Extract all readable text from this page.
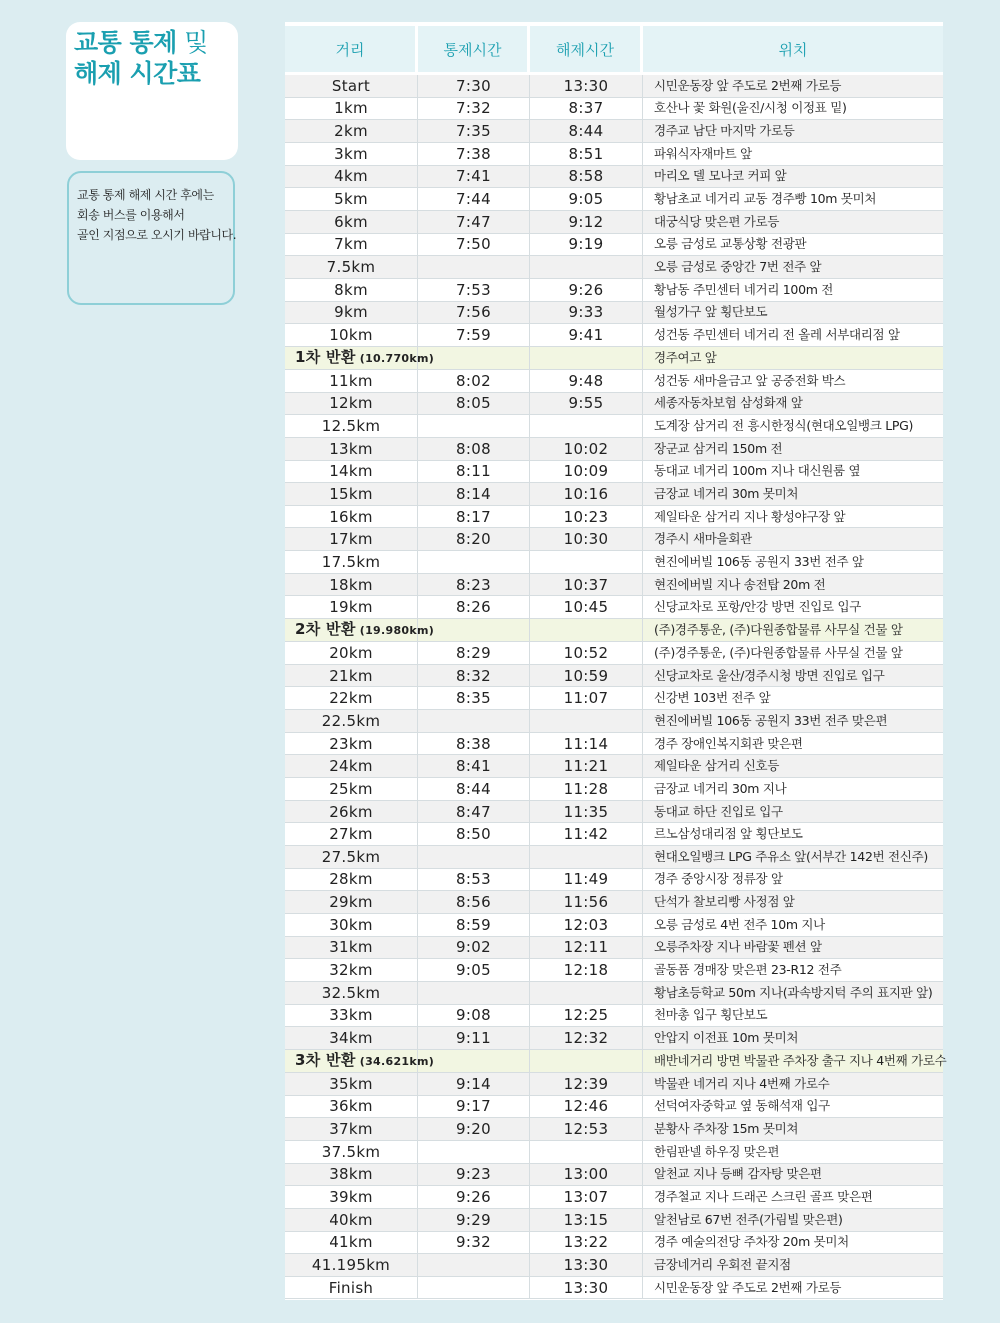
교통 통제 및
해제 시간표
교통 통제 해제 시간 후에는
회송 버스를 이용해서
골인 지점으로 오시기 바랍니다.
거리	통제시간	해제시간	위치
Start	7:30	13:30	시민운동장 앞 주도로 2번째 가로등
1km	7:32	8:37	호산나 꽃 화원(울진/시청 이정표 밑)
2km	7:35	8:44	경주교 남단 마지막 가로등
3km	7:38	8:51	파워식자재마트 앞
4km	7:41	8:58	마리오 델 모나코 커피 앞
5km	7:44	9:05	황남초교 네거리 교동 경주빵 10m 못미처
6km	7:47	9:12	대궁식당 맞은편 가로등
7km	7:50	9:19	오릉 금성로 교통상황 전광판
7.5km			오릉 금성로 중앙간 7번 전주 앞
8km	7:53	9:26	황남동 주민센터 네거리 100m 전
9km	7:56	9:33	월성가구 앞 횡단보도
10km	7:59	9:41	성건동 주민센터 네거리 전 올레 서부대리점 앞
1차 반환 (10.770km)			경주여고 앞
11km	8:02	9:48	성건동 새마을금고 앞 공중전화 박스
12km	8:05	9:55	세종자동차보험 삼성화재 앞
12.5km			도계장 삼거리 전 흥시한정식(현대오일뱅크 LPG)
13km	8:08	10:02	장군교 삼거리 150m 전
14km	8:11	10:09	동대교 네거리 100m 지나 대신원룸 옆
15km	8:14	10:16	금장교 네거리 30m 못미처
16km	8:17	10:23	제일타운 삼거리 지나 황성야구장 앞
17km	8:20	10:30	경주시 새마을회관
17.5km			현진에버빌 106동 공원지 33번 전주 앞
18km	8:23	10:37	현진에버빌 지나 송전탑 20m 전
19km	8:26	10:45	신당교차로 포항/안강 방면 진입로 입구
2차 반환 (19.980km)			(주)경주통운, (주)다원종합물류 사무실 건물 앞
20km	8:29	10:52	(주)경주통운, (주)다원종합물류 사무실 건물 앞
21km	8:32	10:59	신당교차로 울산/경주시청 방면 진입로 입구
22km	8:35	11:07	신강변 103번 전주 앞
22.5km			현진에버빌 106동 공원지 33번 전주 맞은편
23km	8:38	11:14	경주 장애인복지회관 맞은편
24km	8:41	11:21	제일타운 삼거리 신호등
25km	8:44	11:28	금장교 네거리 30m 지나
26km	8:47	11:35	동대교 하단 진입로 입구
27km	8:50	11:42	르노삼성대리점 앞 횡단보도
27.5km			현대오일뱅크 LPG 주유소 앞(서부간 142번 전신주)
28km	8:53	11:49	경주 중앙시장 정류장 앞
29km	8:56	11:56	단석가 찰보리빵 사정점 앞
30km	8:59	12:03	오릉 금성로 4번 전주 10m 지나
31km	9:02	12:11	오릉주차장 지나 바람꽃 펜션 앞
32km	9:05	12:18	골동품 경매장 맞은편 23-R12 전주
32.5km			황남초등학교 50m 지나(과속방지턱 주의 표지판 앞)
33km	9:08	12:25	천마총 입구 횡단보도
34km	9:11	12:32	안압지 이전표 10m 못미처
3차 반환 (34.621km)			배반네거리 방면 박물관 주차장 출구 지나 4번째 가로수
35km	9:14	12:39	박물관 네거리 지나 4번째 가로수
36km	9:17	12:46	선덕여자중학교 옆 동해석재 입구
37km	9:20	12:53	분황사 주차장 15m 못미쳐
37.5km			한림판넬 하우징 맞은편
38km	9:23	13:00	알천교 지나 등뼈 감자탕 맞은편
39km	9:26	13:07	경주철교 지나 드래곤 스크린 골프 맞은편
40km	9:29	13:15	알천남로 67번 전주(가림빌 맞은편)
41km	9:32	13:22	경주 예술의전당 주차장 20m 못미처
41.195km		13:30	금장네거리 우회전 끝지점
Finish		13:30	시민운동장 앞 주도로 2번째 가로등
